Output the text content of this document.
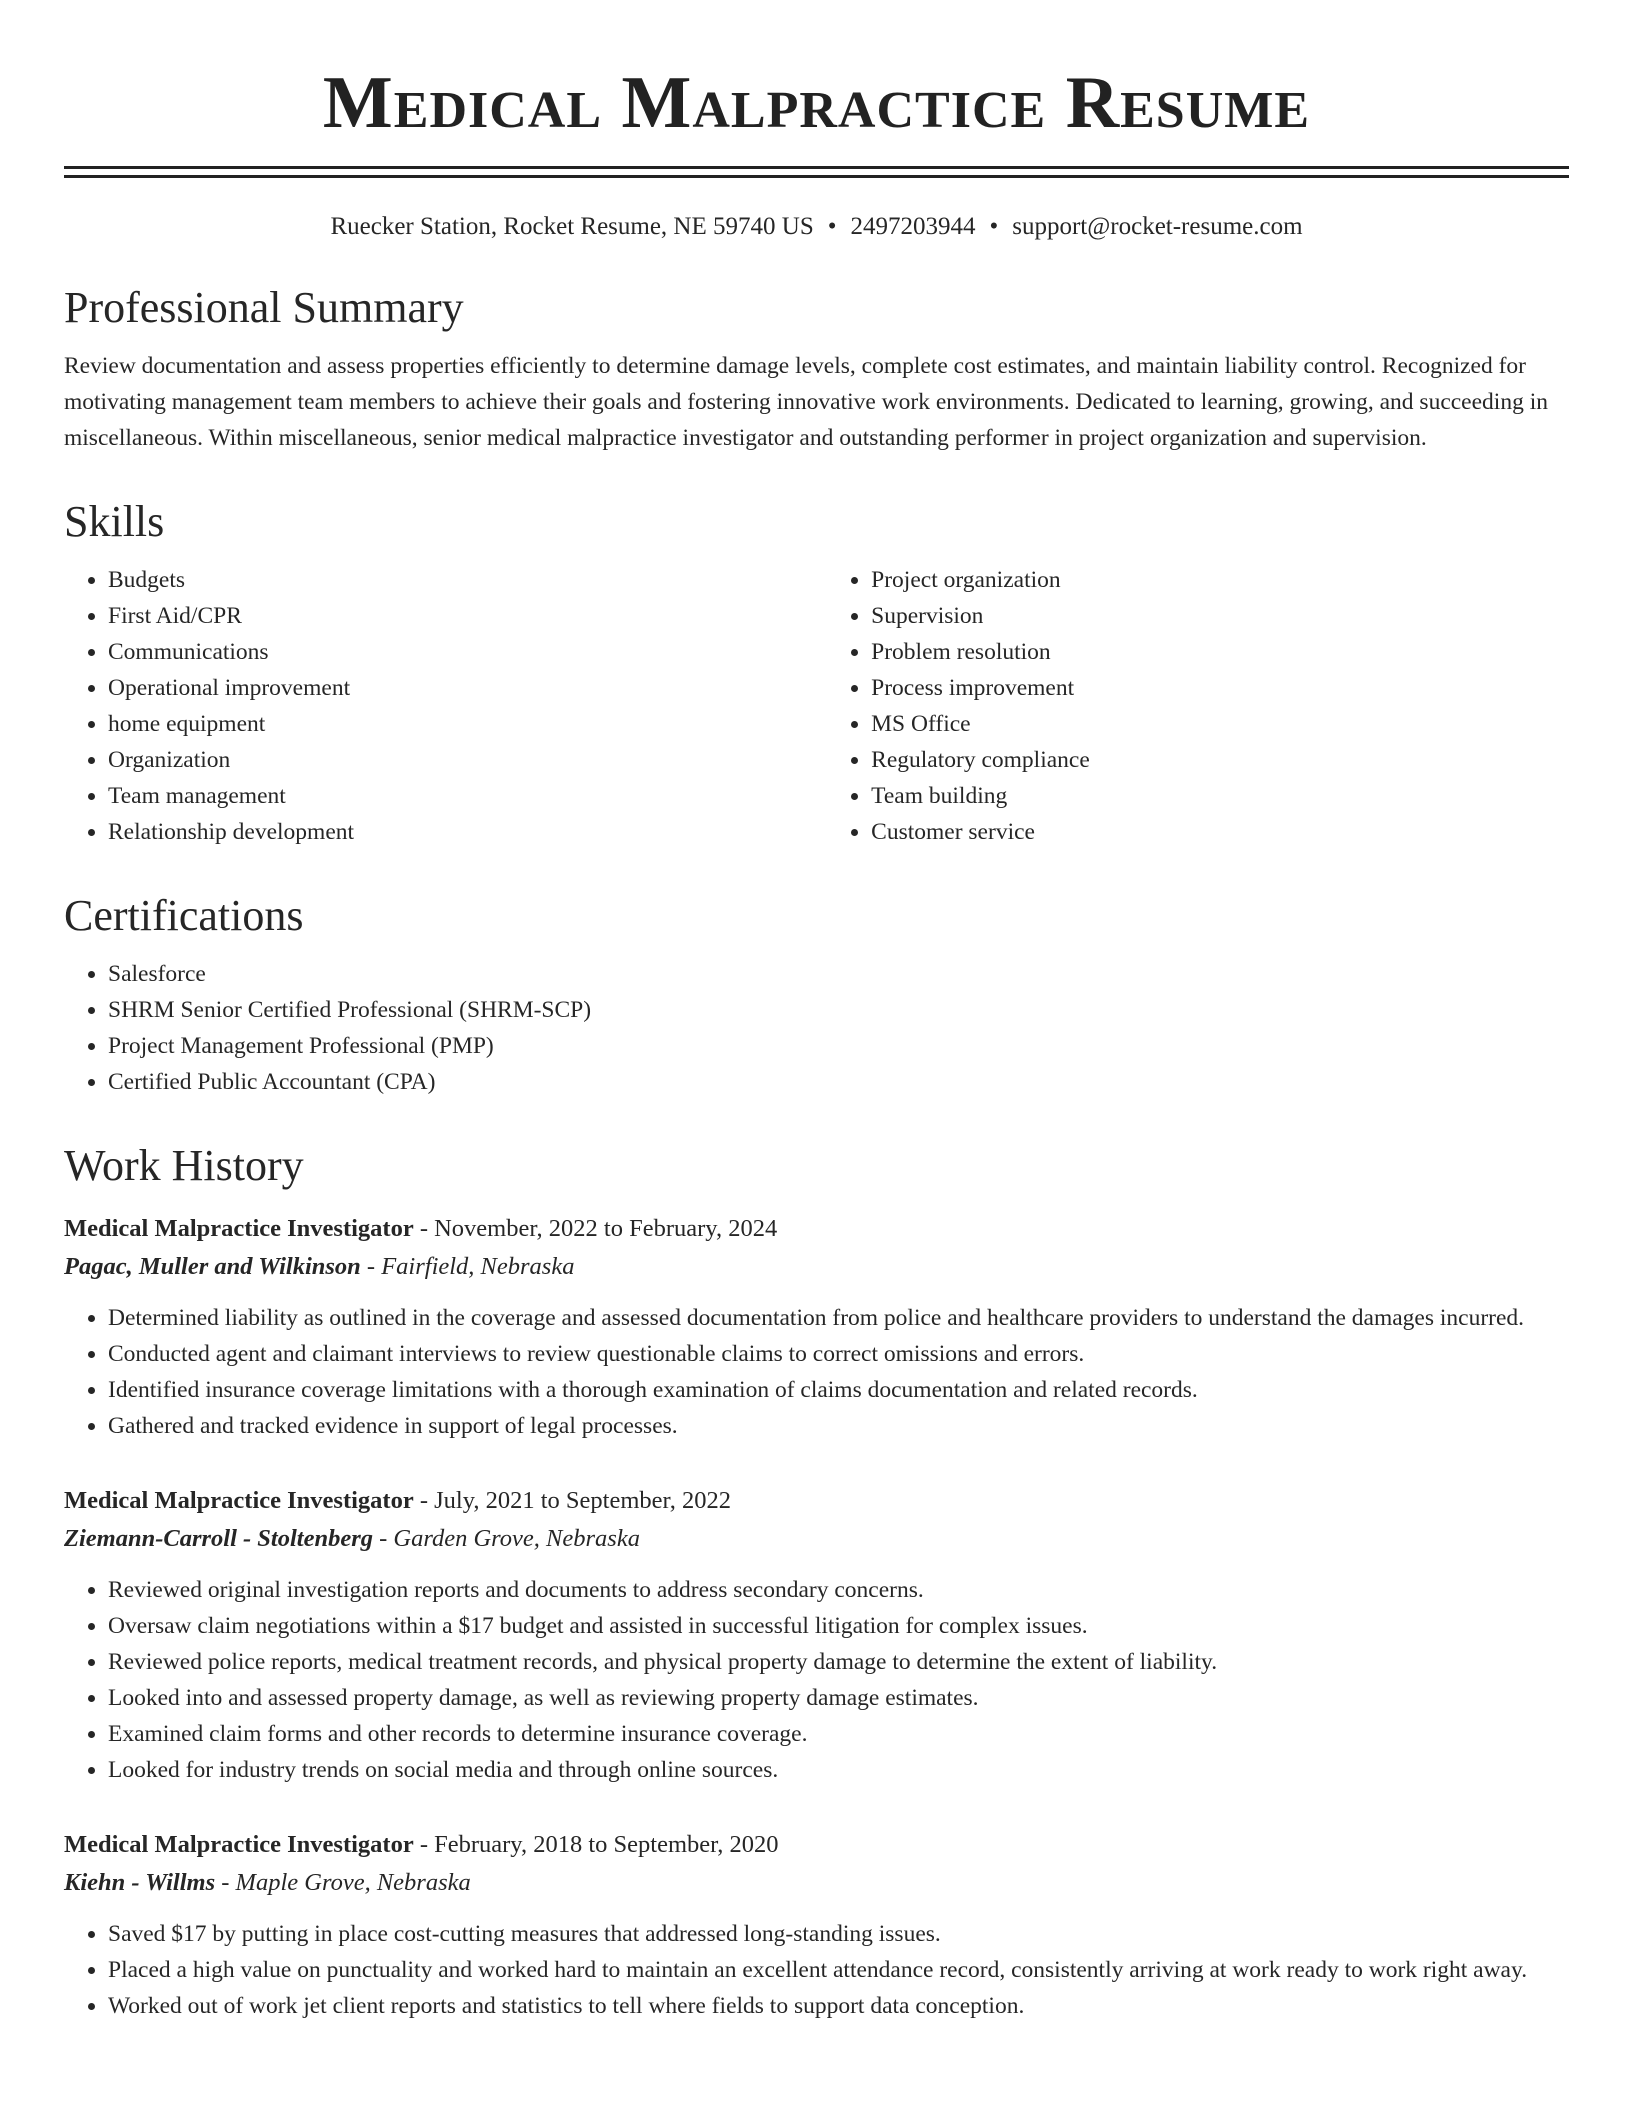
Medical Malpractice Resume
Ruecker Station, Rocket Resume, NE 59740 US • 2497203944 • support@rocket-resume.com
Professional Summary

Review documentation and assess properties efficiently to determine damage levels, complete cost estimates, and maintain liability control. Recognized for motivating management team members to achieve their goals and fostering innovative work environments. Dedicated to learning, growing, and succeeding in miscellaneous. Within miscellaneous, senior medical malpractice investigator and outstanding performer in project organization and supervision.

Skills
• Budgets
• First Aid/CPR
• Communications
• Operational improvement
• home equipment
• Organization
• Team management
• Relationship development
• Project organization
• Supervision
• Problem resolution
• Process improvement
• MS Office
• Regulatory compliance
• Team building
• Customer service
Certifications
• Salesforce
• SHRM Senior Certified Professional (SHRM-SCP)
• Project Management Professional (PMP)
• Certified Public Accountant (CPA)
Work History
Medical Malpractice Investigator - November, 2022 to February, 2024
Pagac, Muller and Wilkinson - Fairfield, Nebraska
• Determined liability as outlined in the coverage and assessed documentation from police and healthcare providers to understand the damages incurred.
• Conducted agent and claimant interviews to review questionable claims to correct omissions and errors.
• Identified insurance coverage limitations with a thorough examination of claims documentation and related records.
• Gathered and tracked evidence in support of legal processes.
Medical Malpractice Investigator - July, 2021 to September, 2022
Ziemann-Carroll - Stoltenberg - Garden Grove, Nebraska
• Reviewed original investigation reports and documents to address secondary concerns.
• Oversaw claim negotiations within a $17 budget and assisted in successful litigation for complex issues.
• Reviewed police reports, medical treatment records, and physical property damage to determine the extent of liability.
• Looked into and assessed property damage, as well as reviewing property damage estimates.
• Examined claim forms and other records to determine insurance coverage.
• Looked for industry trends on social media and through online sources.
Medical Malpractice Investigator - February, 2018 to September, 2020
Kiehn - Willms - Maple Grove, Nebraska
• Saved $17 by putting in place cost-cutting measures that addressed long-standing issues.
• Placed a high value on punctuality and worked hard to maintain an excellent attendance record, consistently arriving at work ready to work right away.
• Worked out of work jet client reports and statistics to tell where fields to support data conception.
